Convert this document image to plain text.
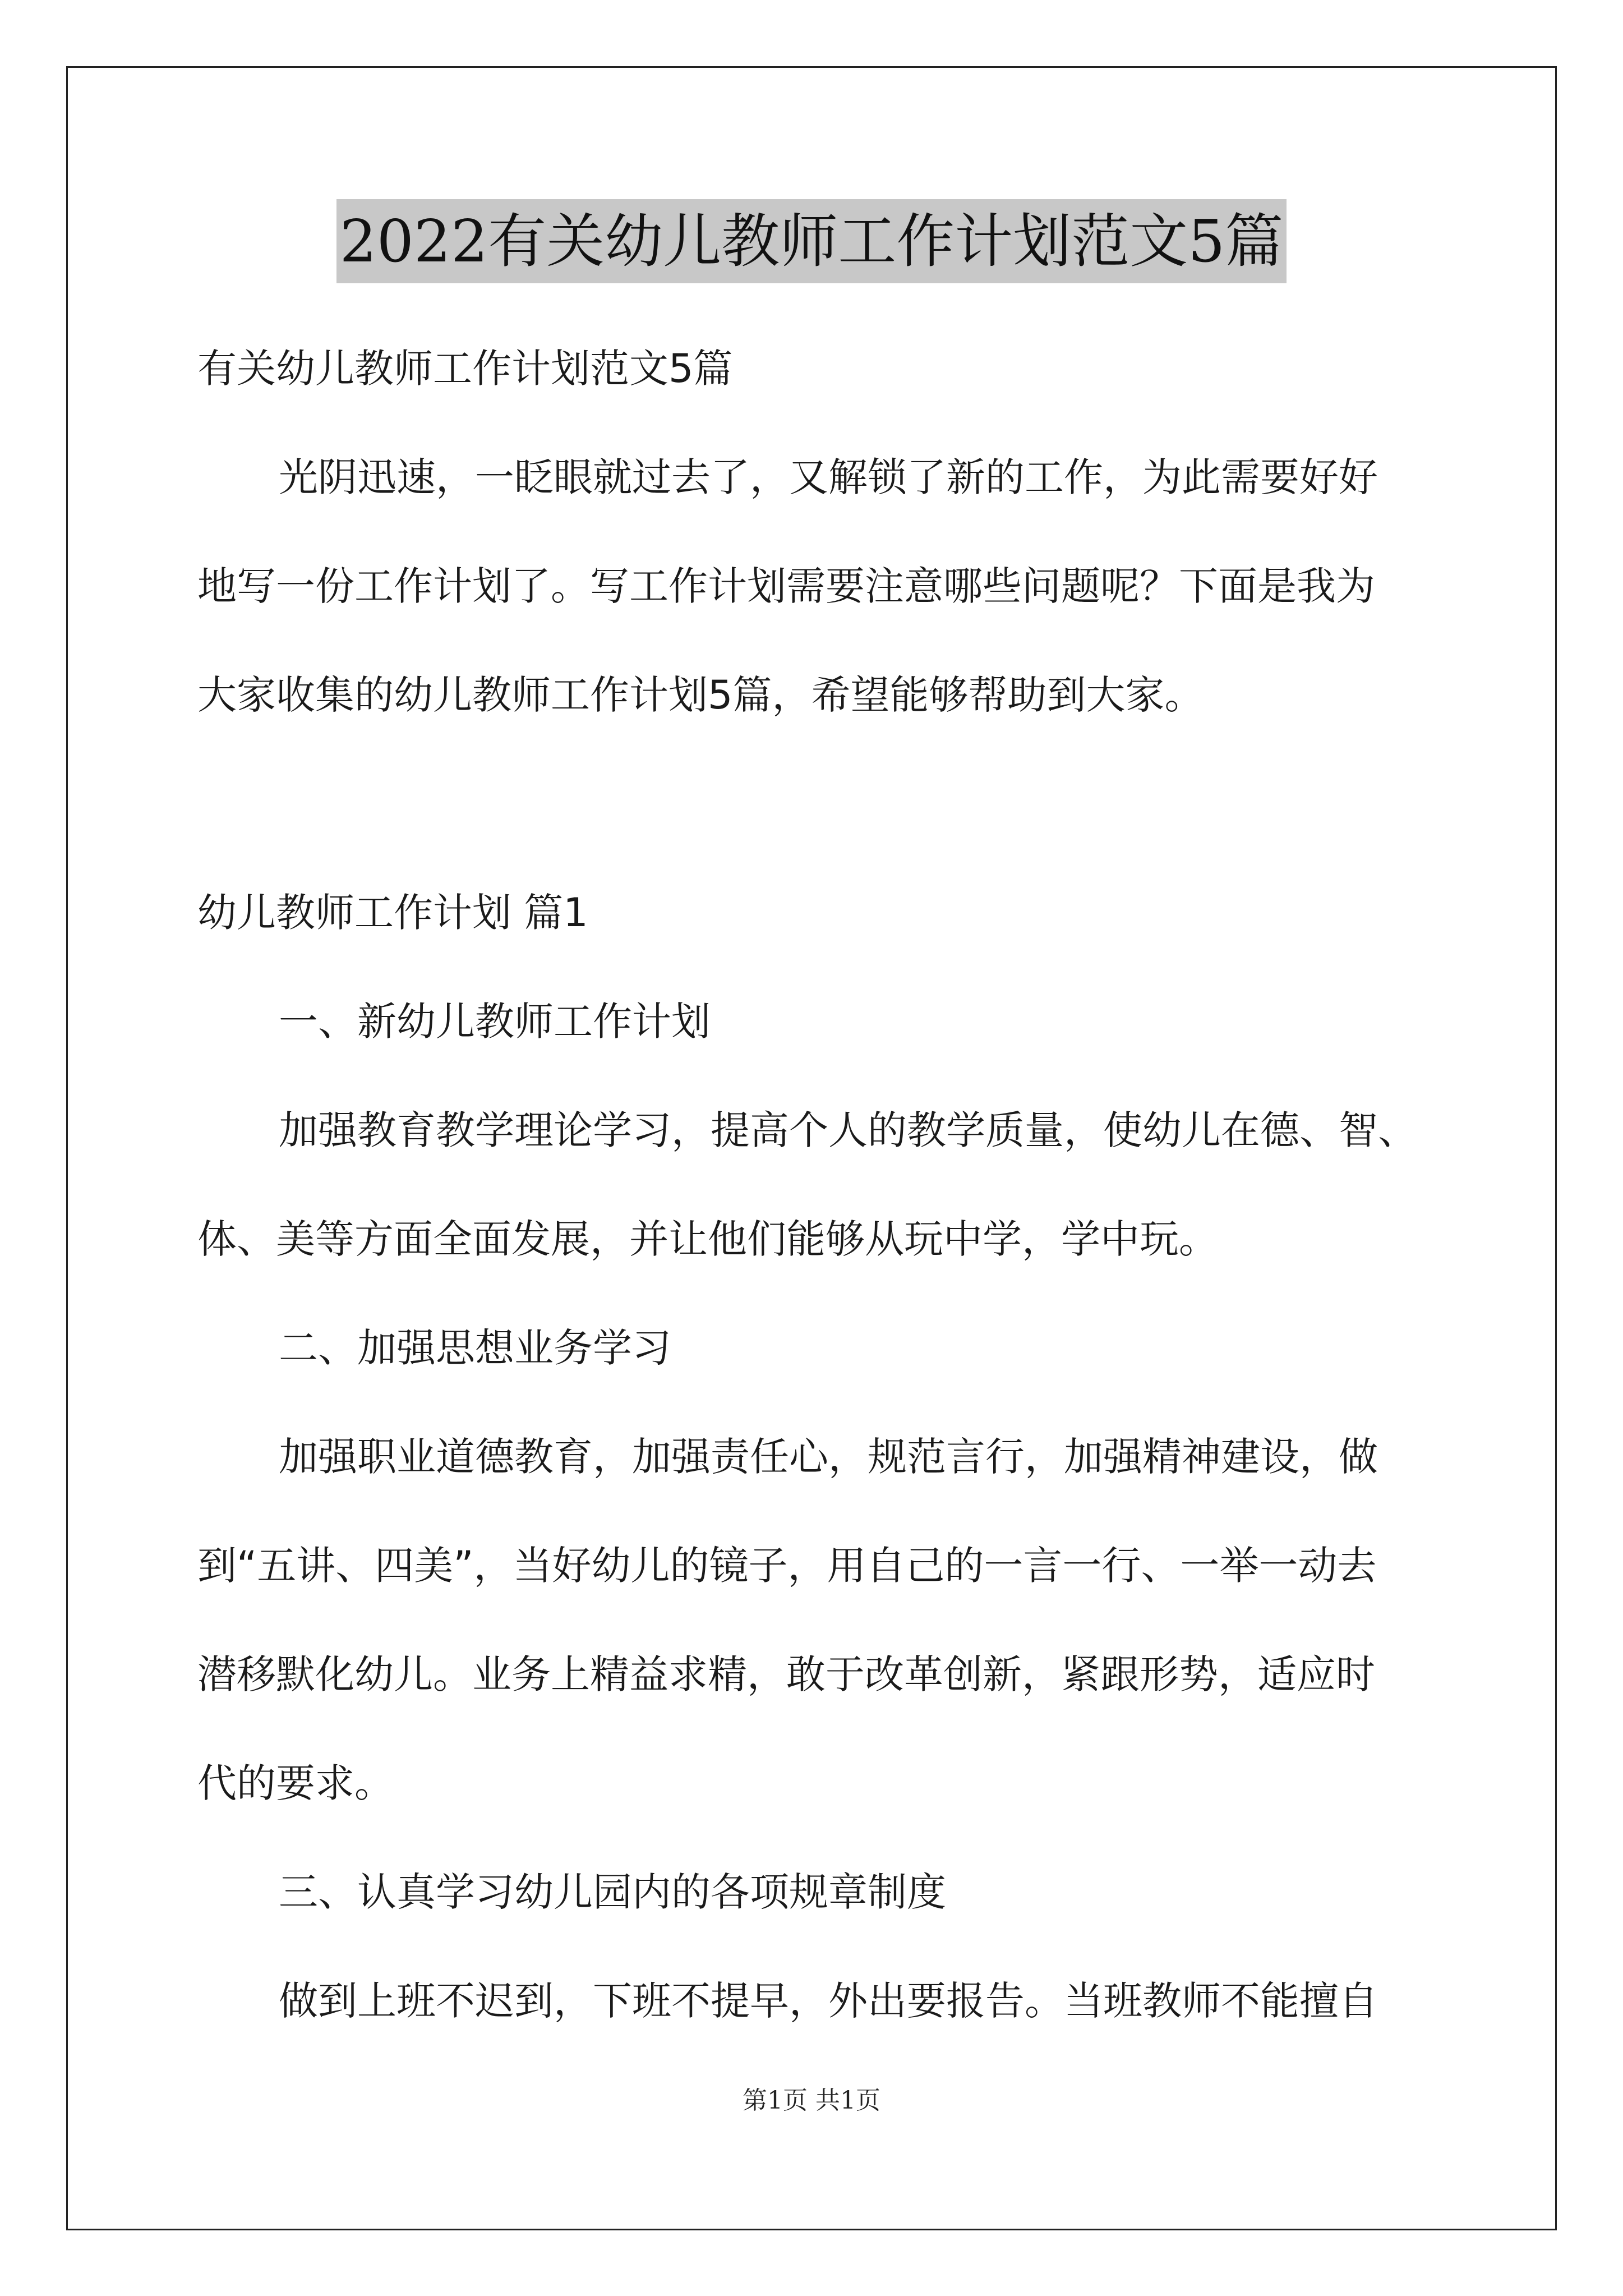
2022有关幼儿教师工作计划范文5篇
有关幼儿教师工作计划范文5篇
光阴迅速，一眨眼就过去了，又解锁了新的工作，为此需要好好
地写一份工作计划了。写工作计划需要注意哪些问题呢？下面是我为
大家收集的幼儿教师工作计划5篇，希望能够帮助到大家。
幼儿教师工作计划 篇1
一、新幼儿教师工作计划
加强教育教学理论学习，提高个人的教学质量，使幼儿在德、智、
体、美等方面全面发展，并让他们能够从玩中学，学中玩。
二、加强思想业务学习
加强职业道德教育，加强责任心，规范言行，加强精神建设，做
到“五讲、四美”，当好幼儿的镜子，用自己的一言一行、一举一动去
潜移默化幼儿。业务上精益求精，敢于改革创新，紧跟形势，适应时
代的要求。
三、认真学习幼儿园内的各项规章制度
做到上班不迟到，下班不提早，外出要报告。当班教师不能擅自
第1页 共1页
